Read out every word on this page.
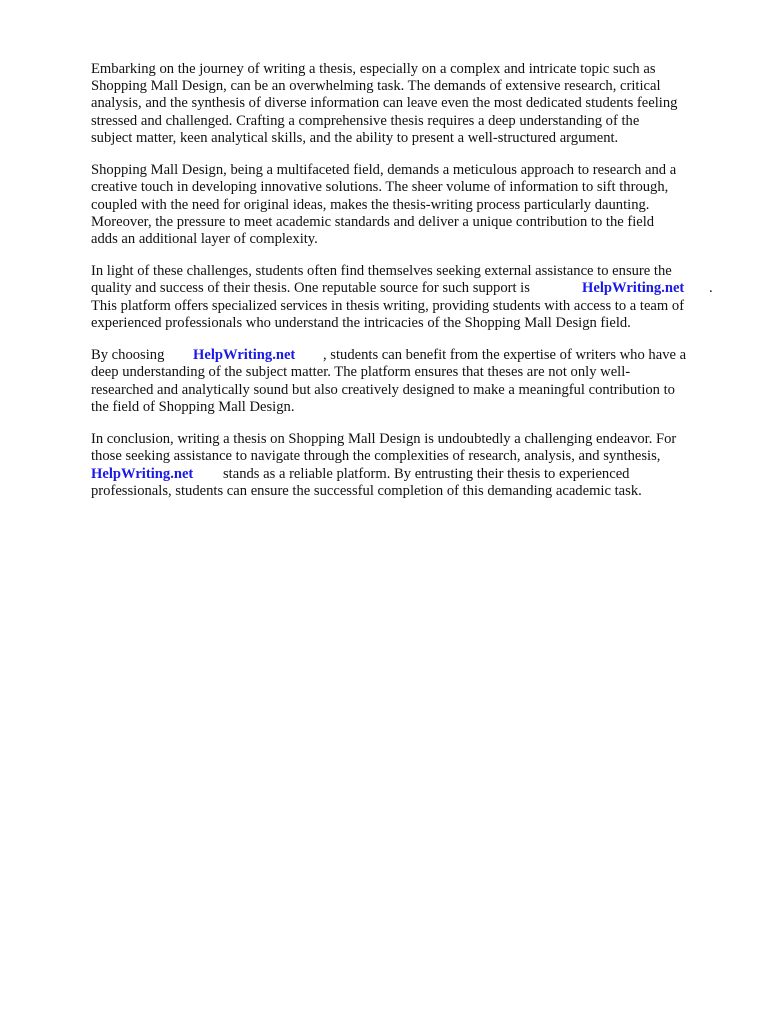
Embarking on the journey of writing a thesis, especially on a complex and intricate topic such as
Shopping Mall Design, can be an overwhelming task. The demands of extensive research, critical
analysis, and the synthesis of diverse information can leave even the most dedicated students feeling
stressed and challenged. Crafting a comprehensive thesis requires a deep understanding of the
subject matter, keen analytical skills, and the ability to present a well-structured argument.
Shopping Mall Design, being a multifaceted field, demands a meticulous approach to research and a
creative touch in developing innovative solutions. The sheer volume of information to sift through,
coupled with the need for original ideas, makes the thesis-writing process particularly daunting.
Moreover, the pressure to meet academic standards and deliver a unique contribution to the field
adds an additional layer of complexity.
In light of these challenges, students often find themselves seeking external assistance to ensure the
quality and success of their thesis. One reputable source for such support is	HelpWriting.net .
This platform offers specialized services in thesis writing, providing students with access to a team of
experienced professionals who understand the intricacies of the Shopping Mall Design field.
By choosing HelpWriting.net , students can benefit from the expertise of writers who have a
deep understanding of the subject matter. The platform ensures that theses are not only well-
researched and analytically sound but also creatively designed to make a meaningful contribution to
the field of Shopping Mall Design.
In conclusion, writing a thesis on Shopping Mall Design is undoubtedly a challenging endeavor. For
those seeking assistance to navigate through the complexities of research, analysis, and synthesis,
HelpWriting.net stands as a reliable platform. By entrusting their thesis to experienced
professionals, students can ensure the successful completion of this demanding academic task.
